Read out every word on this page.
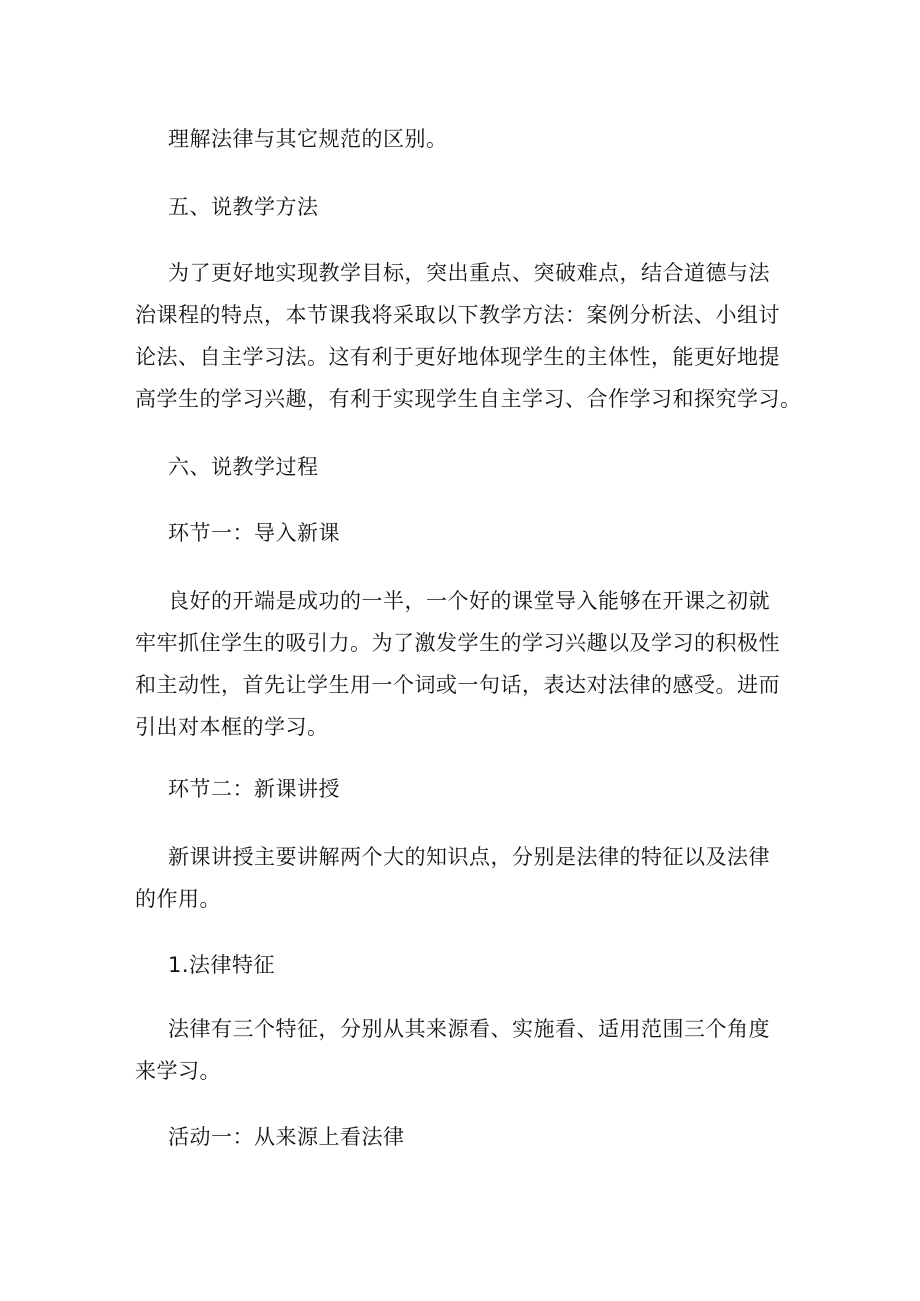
理解法律与其它规范的区别。
五、说教学方法
为了更好地实现教学目标，突出重点、突破难点，结合道德与法
治课程的特点，本节课我将采取以下教学方法：案例分析法、小组讨
论法、自主学习法。这有利于更好地体现学生的主体性，能更好地提
高学生的学习兴趣，有利于实现学生自主学习、合作学习和探究学习。
六、说教学过程
环节一：导入新课
良好的开端是成功的一半，一个好的课堂导入能够在开课之初就
牢牢抓住学生的吸引力。为了激发学生的学习兴趣以及学习的积极性
和主动性，首先让学生用一个词或一句话，表达对法律的感受。进而
引出对本框的学习。
环节二：新课讲授
新课讲授主要讲解两个大的知识点，分别是法律的特征以及法律
的作用。
1.法律特征
法律有三个特征，分别从其来源看、实施看、适用范围三个角度
来学习。
活动一：从来源上看法律
